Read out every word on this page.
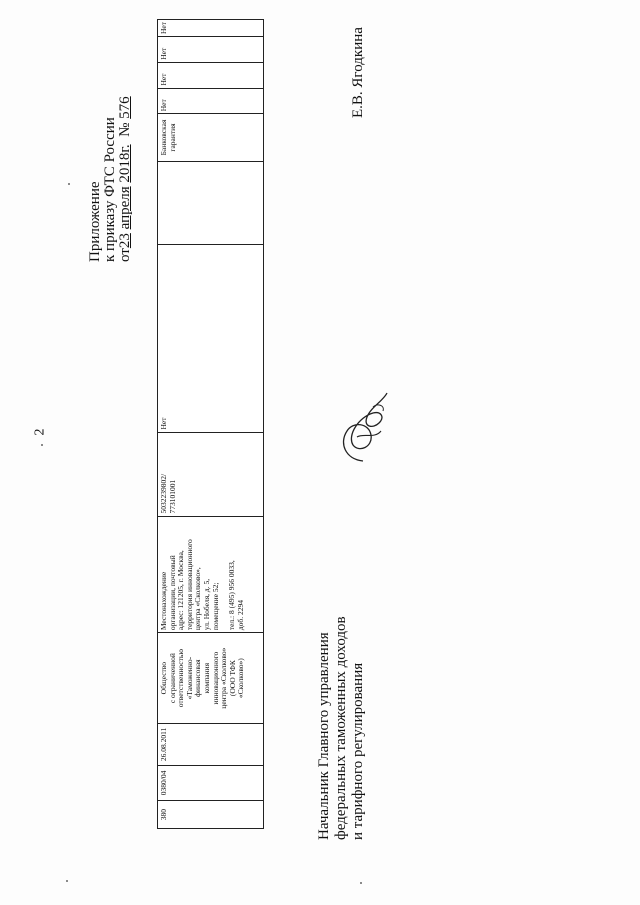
2
Приложение к приказу ФТС России от23 апреля 2018г.  № 576
380
0380/04
26.08.2011
Общество с ограниченной ответственностью «Таможенно- финансовая компания инновационного центра «Сколково» (ООО ТФК «Сколково»)
Местонахождение организации, почтовый адрес: 121205, г. Москва, территория инновационного центра «Сколково», ул. Нобеля, д. 5, помещение 52; тел.: 8 (495) 956 0033, доб. 2294
5032239802/ 773101001
Нет
Банковская гарантия
Нет
Нет
Нет
Нет
Начальник Главного управления федеральных таможенных доходов и тарифного регулирования
Е.В. Ягодкина
